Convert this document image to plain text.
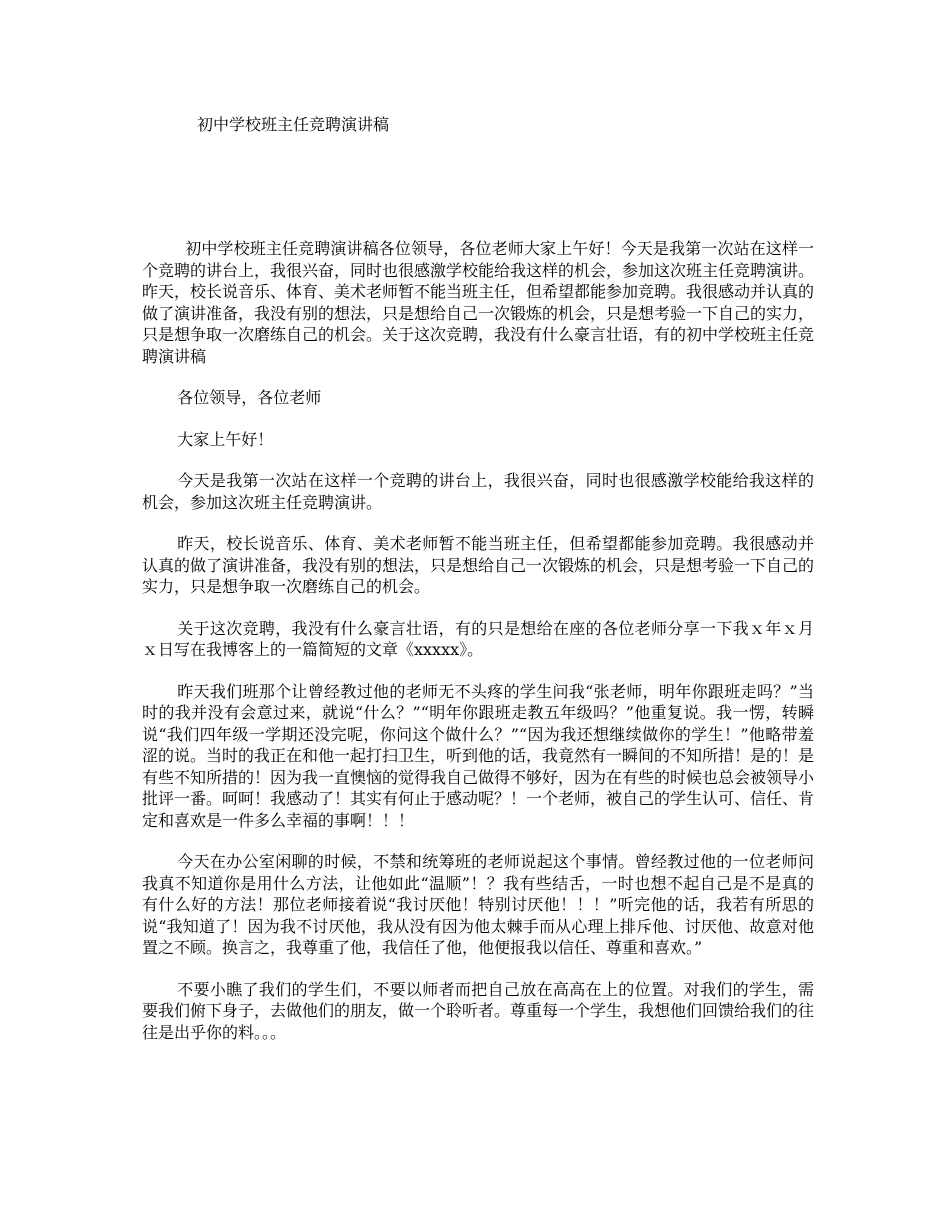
初中学校班主任竞聘演讲稿

初中学校班主任竞聘演讲稿各位领导，各位老师大家上午好！今天是我第一次站在这样一个竞聘的讲台上，我很兴奋，同时也很感激学校能给我这样的机会，参加这次班主任竞聘演讲。昨天，校长说音乐、体育、美术老师暂不能当班主任，但希望都能参加竞聘。我很感动并认真的做了演讲准备，我没有别的想法，只是想给自己一次锻炼的机会，只是想考验一下自己的实力，只是想争取一次磨练自己的机会。关于这次竞聘，我没有什么豪言壮语，有的初中学校班主任竞聘演讲稿

各位领导，各位老师

大家上午好！

今天是我第一次站在这样一个竞聘的讲台上，我很兴奋，同时也很感激学校能给我这样的机会，参加这次班主任竞聘演讲。

昨天，校长说音乐、体育、美术老师暂不能当班主任，但希望都能参加竞聘。我很感动并认真的做了演讲准备，我没有别的想法，只是想给自己一次锻炼的机会，只是想考验一下自己的实力，只是想争取一次磨练自己的机会。

关于这次竞聘，我没有什么豪言壮语，有的只是想给在座的各位老师分享一下我ｘ年ｘ月ｘ日写在我博客上的一篇简短的文章《xxxxx》。

昨天我们班那个让曾经教过他的老师无不头疼的学生问我“张老师，明年你跟班走吗？”当时的我并没有会意过来，就说“什么？”“明年你跟班走教五年级吗？”他重复说。我一愣，转瞬说“我们四年级一学期还没完呢，你问这个做什么？”“因为我还想继续做你的学生！”他略带羞涩的说。当时的我正在和他一起打扫卫生，听到他的话，我竟然有一瞬间的不知所措！是的！是有些不知所措的！因为我一直懊恼的觉得我自己做得不够好，因为在有些的时候也总会被领导小批评一番。呵呵！我感动了！其实有何止于感动呢？！一个老师，被自己的学生认可、信任、肯定和喜欢是一件多么幸福的事啊！！！

今天在办公室闲聊的时候，不禁和统筹班的老师说起这个事情。曾经教过他的一位老师问我真不知道你是用什么方法，让他如此“温顺”！？我有些结舌，一时也想不起自己是不是真的有什么好的方法！那位老师接着说“我讨厌他！特别讨厌他！！！”听完他的话，我若有所思的说“我知道了！因为我不讨厌他，我从没有因为他太棘手而从心理上排斥他、讨厌他、故意对他置之不顾。换言之，我尊重了他，我信任了他，他便报我以信任、尊重和喜欢。”

不要小瞧了我们的学生们，不要以师者而把自己放在高高在上的位置。对我们的学生，需要我们俯下身子，去做他们的朋友，做一个聆听者。尊重每一个学生，我想他们回馈给我们的往往是出乎你的料。。。
